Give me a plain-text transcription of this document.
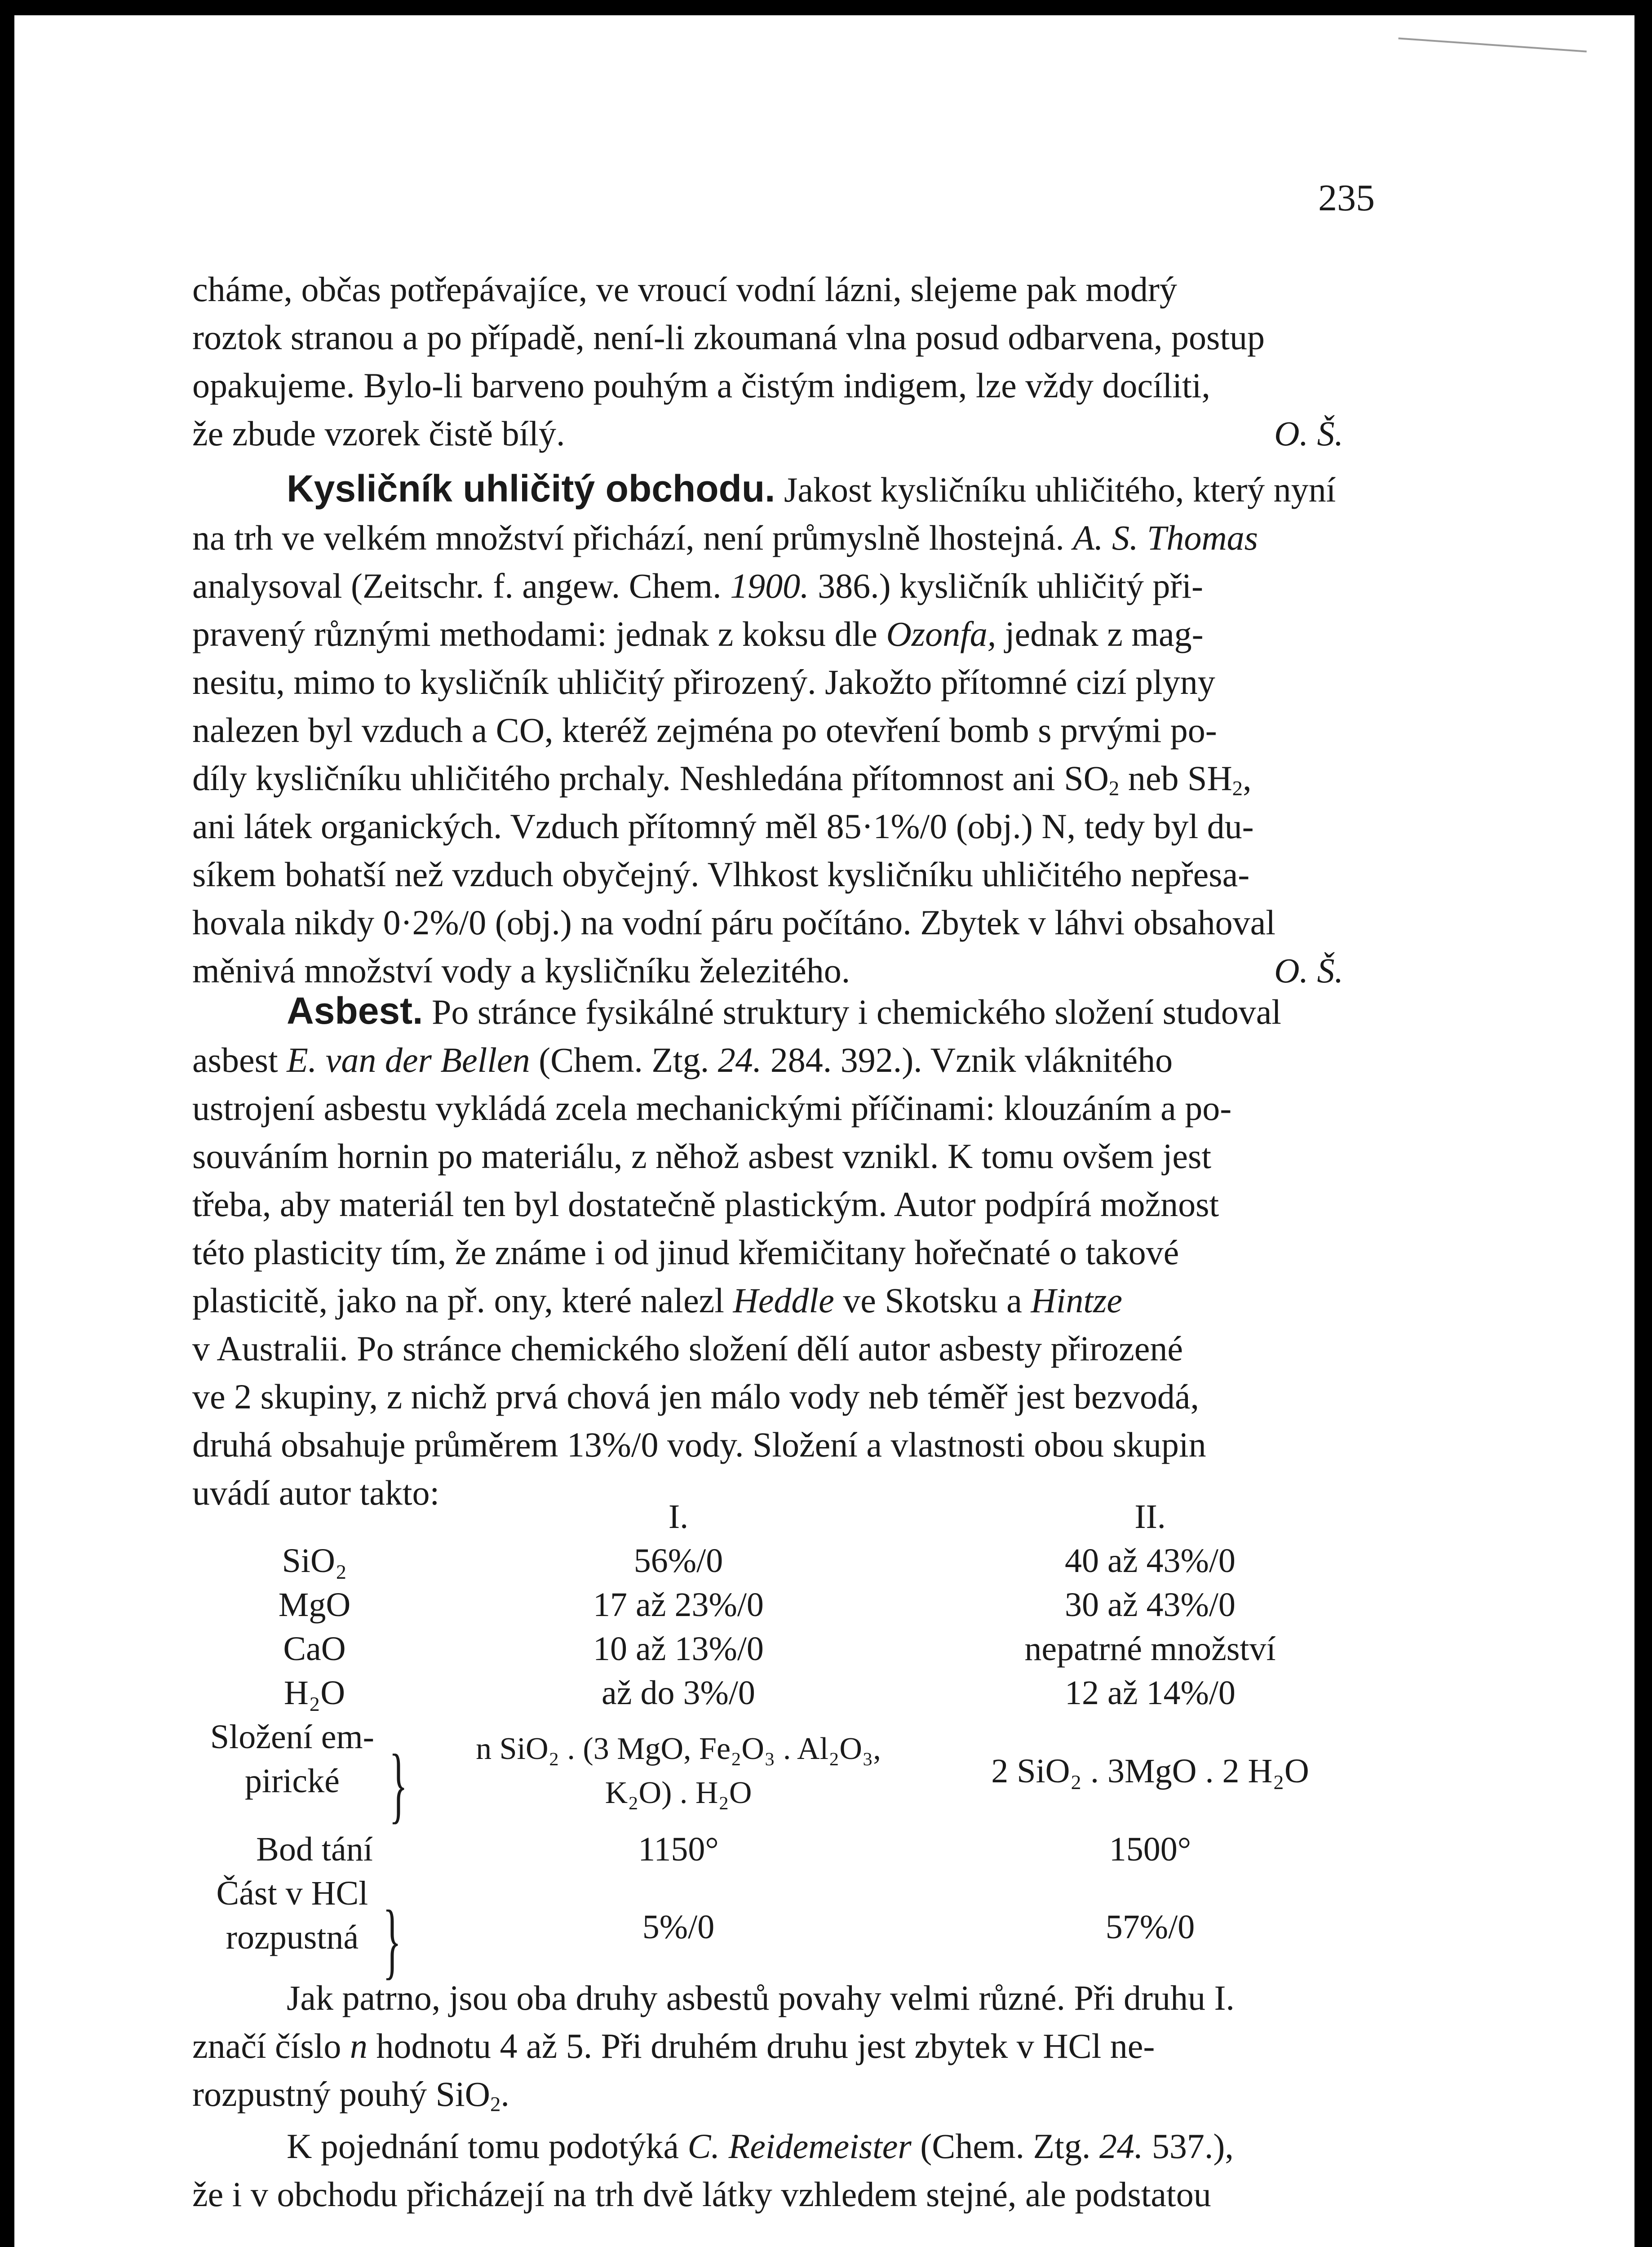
235
cháme, občas potřepávajíce, ve vroucí vodní lázni, slejeme pak modrý
roztok stranou a po případě, není-li zkoumaná vlna posud odbarvena, postup
opakujeme. Bylo-li barveno pouhým a čistým indigem, lze vždy docíliti,
že zbude vzorek čistě bílý.	O. Š.
Kysličník uhličitý obchodu. Jakost kysličníku uhličitého, který nyní
na trh ve velkém množství přichází, není průmyslně lhostejná. A. S. Thomas
analysoval (Zeitschr. f. angew. Chem. 1900. 386.) kysličník uhličitý při-
pravený různými methodami: jednak z koksu dle Ozonfa, jednak z mag-
nesitu, mimo to kysličník uhličitý přirozený. Jakožto přítomné cizí plyny
nalezen byl vzduch a CO, kteréž zejména po otevření bomb s prvými po-
díly kysličníku uhličitého prchaly. Neshledána přítomnost ani $SO_2$ neb $SH_2$,
ani látek organických. Vzduch přítomný měl 85·1%/0 (obj.) N, tedy byl du-
síkem bohatší než vzduch obyčejný. Vlhkost kysličníku uhličitého nepřesa-
hovala nikdy 0·2%/0 (obj.) na vodní páru počítáno. Zbytek v láhvi obsahoval
měnivá množství vody a kysličníku železitého.	O. Š.
Asbest. Po stránce fysikálné struktury i chemického složení studoval
asbest E. van der Bellen (Chem. Ztg. 24. 284. 392.). Vznik vláknitého
ustrojení asbestu vykládá zcela mechanickými příčinami: klouzáním a po-
souváním hornin po materiálu, z něhož asbest vznikl. K tomu ovšem jest
třeba, aby materiál ten byl dostatečně plastickým. Autor podpírá možnost
této plasticity tím, že známe i od jinud křemičitany hořečnaté o takové
plasticitě, jako na př. ony, které nalezl Heddle ve Skotsku a Hintze
v Australii. Po stránce chemického složení dělí autor asbesty přirozené
ve 2 skupiny, z nichž prvá chová jen málo vody neb téměř jest bezvodá,
druhá obsahuje průměrem 13%/0 vody. Složení a vlastnosti obou skupin
uvádí autor takto:
	I.	II.
SiO₂	56%/0	40 až 43%/0
MgO	17 až 23%/0	30 až 43%/0
CaO	10 až 13%/0	nepatrné množství
H₂O	až do 3%/0	12 až 14%/0
Složení em-
pirické }	n SiO₂ . (3 MgO, Fe₂O₃ . Al₂O₃, K₂O) . H₂O	2 SiO₂ . 3MgO . 2 H₂O
Bod tání	1150°	1500°
Část v HCl
rozpustná }	5%/0	57%/0
Jak patrno, jsou oba druhy asbestů povahy velmi různé. Při druhu I.
značí číslo n hodnotu 4 až 5. Při druhém druhu jest zbytek v HCl ne-
rozpustný pouhý SiO$_2$.
K pojednání tomu podotýká C. Reidemeister (Chem. Ztg. 24. 537.),
že i v obchodu přicházejí na trh dvě látky vzhledem stejné, ale podstatou
